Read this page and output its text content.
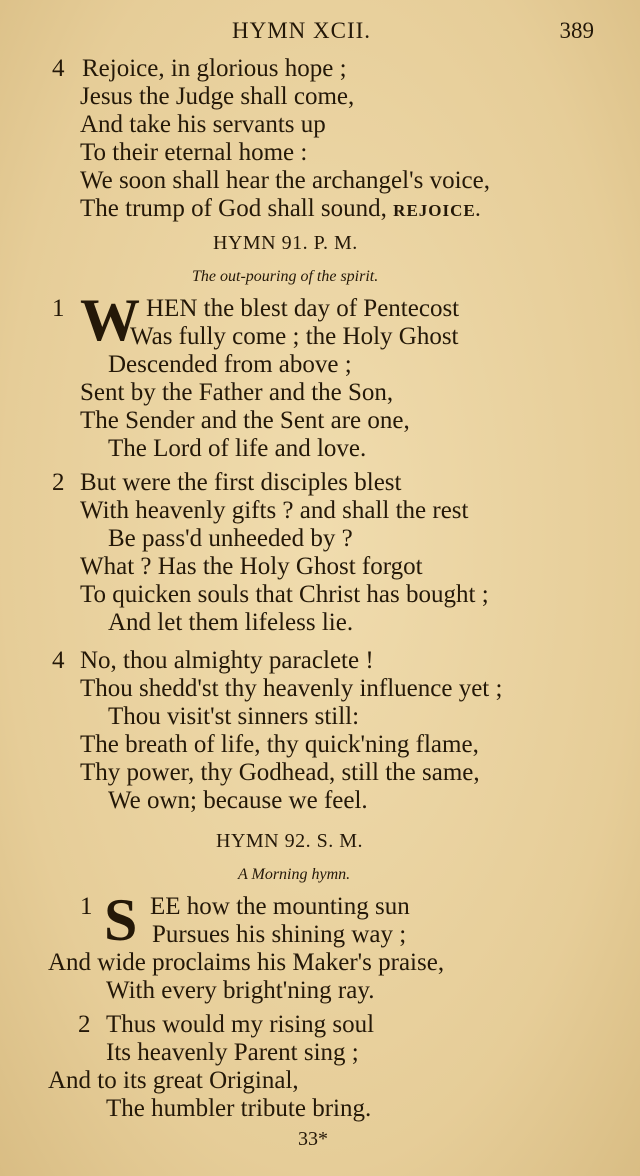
HYMN XCII.	389
4 Rejoice, in glorious hope ;
Jesus the Judge shall come,
And take his servants up
To their eternal home :
We soon shall hear the archangel's voice,
The trump of God shall sound, REJOICE.
HYMN 91. P. M.
The out-pouring of the spirit.
1 W HEN the blest day of Pentecost
Was fully come ; the Holy Ghost
Descended from above ;
Sent by the Father and the Son,
The Sender and the Sent are one,
The Lord of life and love.
2 But were the first disciples blest
With heavenly gifts ? and shall the rest
Be pass'd unheeded by ?
What ? Has the Holy Ghost forgot
To quicken souls that Christ has bought ;
And let them lifeless lie.
4 No, thou almighty paraclete !
Thou shedd'st thy heavenly influence yet ;
Thou visit'st sinners still:
The breath of life, thy quick'ning flame,
Thy power, thy Godhead, still the same,
We own; because we feel.
HYMN 92. S. M.
A Morning hymn.
1 S EE how the mounting sun
Pursues his shining way ;
And wide proclaims his Maker's praise,
With every bright'ning ray.
2 Thus would my rising soul
Its heavenly Parent sing ;
And to its great Original,
The humbler tribute bring.
33*
